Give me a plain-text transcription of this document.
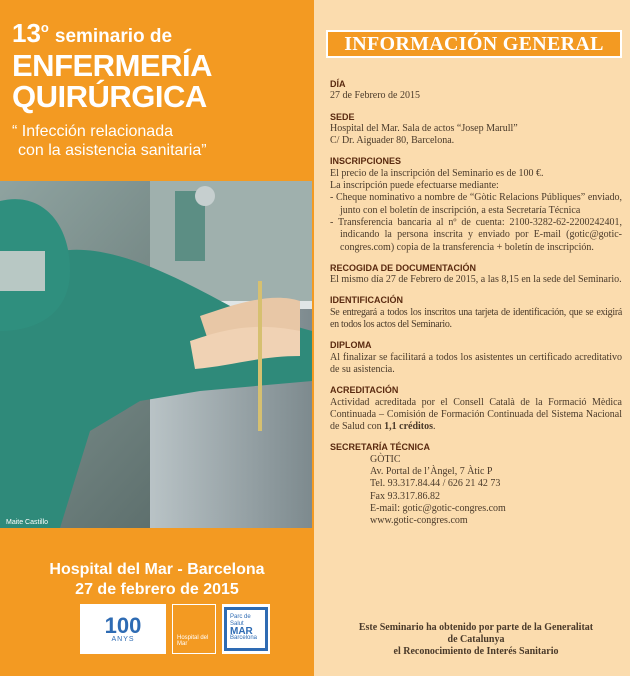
13$^o$ seminario de
ENFERMERÍA
QUIRÚRGICA
“ Infección relacionada
con la asistencia sanitaria”
Maite Castillo
Hospital del Mar - Barcelona
27 de febrero de 2015
100
ANYS	Hospital del Mar
Parc de Salut
MAR
Barcelona
INFORMACIÓN GENERAL
DÍA

27 de Febrero de 2015

SEDE

Hospital del Mar. Sala de actos “Josep Marull”

C/ Dr. Aiguader 80, Barcelona.

INSCRIPCIONES

El precio de la inscripción del Seminario es de 100 €.

La inscripción puede efectuarse mediante:

- Cheque nominativo a nombre de “Gòtic Relacions Públiques” enviado, junto con el boletín de inscripción, a esta Secretaría Técnica

- Transferencia bancaria al nº de cuenta: 2100-3282-62-2200242401, indicando la persona inscrita y enviado por E-mail (gotic@gotic-congres.com) copia de la transferencia + boletín de inscripción.

RECOGIDA DE DOCUMENTACIÓN

El mismo día 27 de Febrero de 2015, a las 8,15 en la sede del Seminario.

IDENTIFICACIÓN

Se entregará a todos los inscritos una tarjeta de identificación, que se exigirá en todos los actos del Seminario.

DIPLOMA

Al finalizar se facilitará a todos los asistentes un certificado acreditativo de su asistencia.

ACREDITACIÓN

Actividad acreditada por el Consell Català de la Formació Mèdica Continuada – Comisión de Formación Continuada del Sistema Nacional de Salud con 1,1 créditos.

SECRETARÍA TÉCNICA

GÒTIC

Av. Portal de l’Àngel, 7 Àtic P

Tel. 93.317.84.44 / 626 21 42 73

Fax 93.317.86.82

E-mail: gotic@gotic-congres.com

www.gotic-congres.com

Este Seminario ha obtenido por parte de la Generalitat
de Catalunya
el Reconocimiento de Interés Sanitario
